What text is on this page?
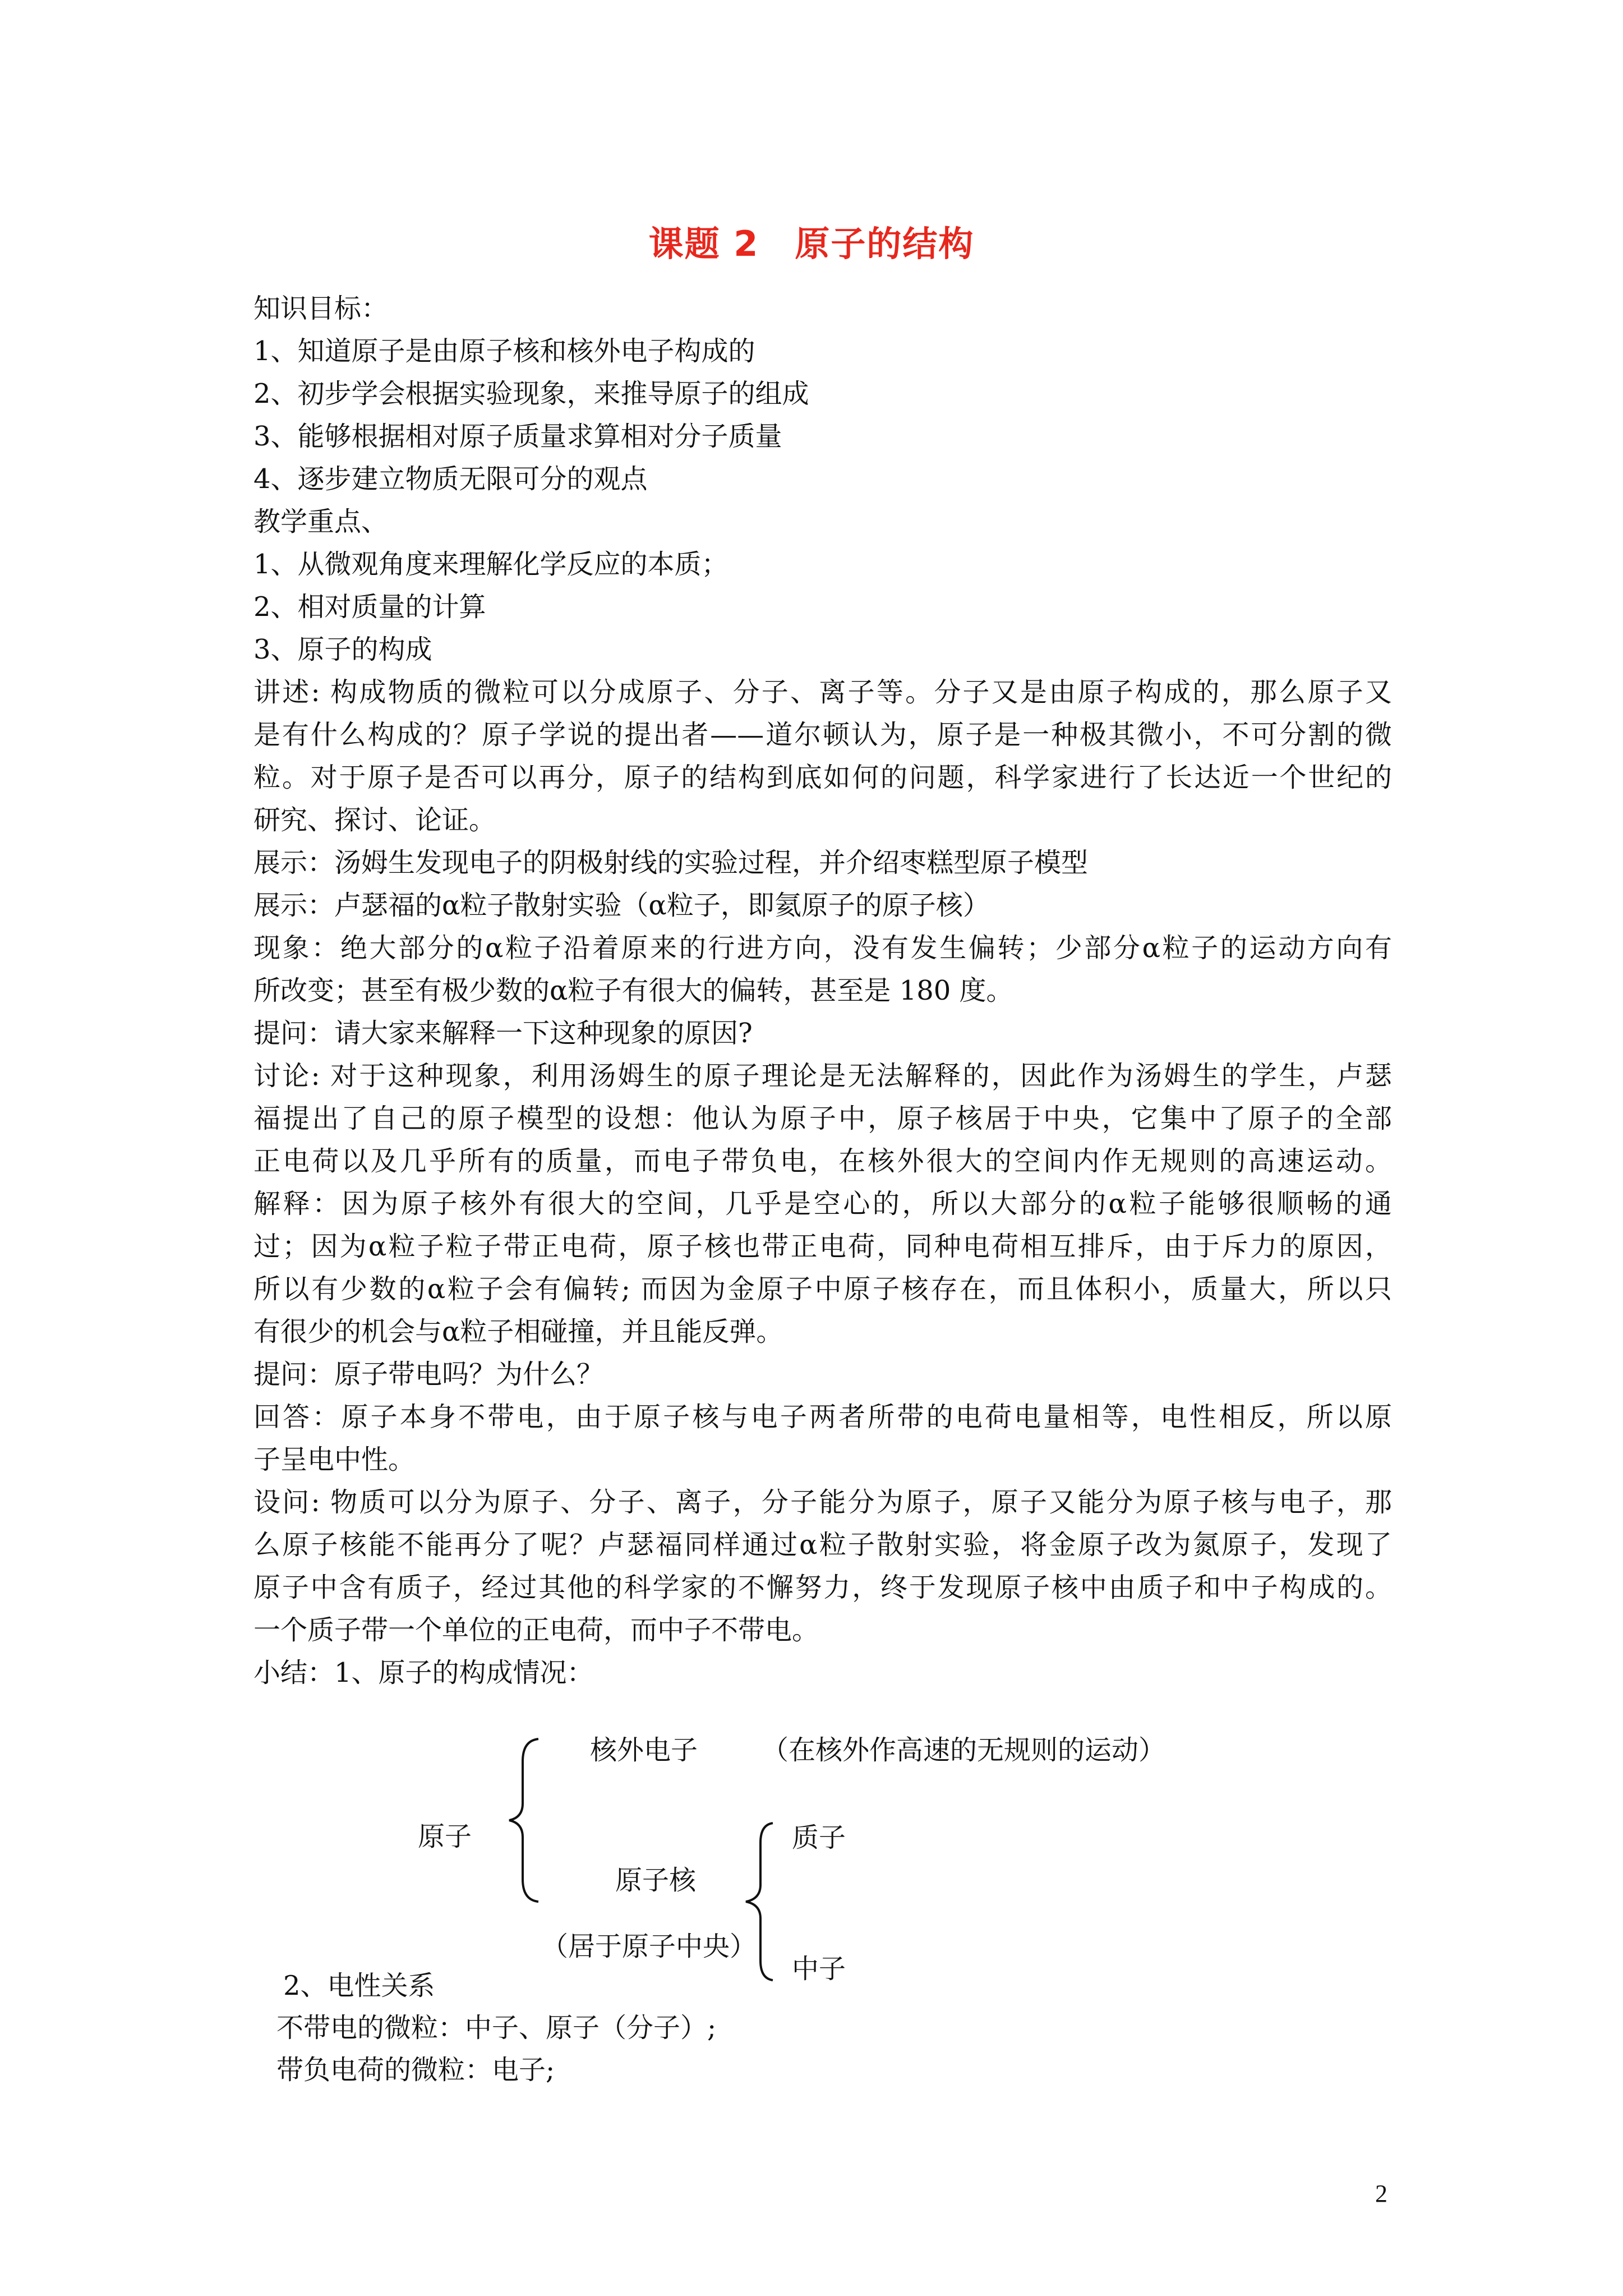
课题 2　原子的结构
知识目标：
1、知道原子是由原子核和核外电子构成的
2、初步学会根据实验现象，来推导原子的组成
3、能够根据相对原子质量求算相对分子质量
4、逐步建立物质无限可分的观点
教学重点、
1、从微观角度来理解化学反应的本质；
2、相对质量的计算
3、原子的构成
讲述: 构成物质的微粒可以分成原子、分子、离子等。分子又是由原子构成的，那么原子又
是有什么构成的？原子学说的提出者——道尔顿认为，原子是一种极其微小，不可分割的微
粒。对于原子是否可以再分，原子的结构到底如何的问题，科学家进行了长达近一个世纪的
研究、探讨、论证。
展示：汤姆生发现电子的阴极射线的实验过程，并介绍枣糕型原子模型
展示：卢瑟福的α粒子散射实验（α粒子，即氦原子的原子核）
现象：绝大部分的α粒子沿着原来的行进方向，没有发生偏转；少部分α粒子的运动方向有
所改变；甚至有极少数的α粒子有很大的偏转，甚至是 180 度。
提问：请大家来解释一下这种现象的原因?
讨论: 对于这种现象，利用汤姆生的原子理论是无法解释的，因此作为汤姆生的学生，卢瑟
福提出了自己的原子模型的设想：他认为原子中，原子核居于中央，它集中了原子的全部
正电荷以及几乎所有的质量，而电子带负电，在核外很大的空间内作无规则的高速运动。
解释：因为原子核外有很大的空间，几乎是空心的，所以大部分的α粒子能够很顺畅的通
过；因为α粒子粒子带正电荷，原子核也带正电荷，同种电荷相互排斥，由于斥力的原因，
所以有少数的α粒子会有偏转; 而因为金原子中原子核存在，而且体积小，质量大，所以只
有很少的机会与α粒子相碰撞，并且能反弹。
提问：原子带电吗？为什么？
回答：原子本身不带电，由于原子核与电子两者所带的电荷电量相等，电性相反，所以原
子呈电中性。
设问: 物质可以分为原子、分子、离子，分子能分为原子，原子又能分为原子核与电子，那
么原子核能不能再分了呢？卢瑟福同样通过α粒子散射实验，将金原子改为氮原子，发现了
原子中含有质子，经过其他的科学家的不懈努力，终于发现原子核中由质子和中子构成的。
一个质子带一个单位的正电荷，而中子不带电。
小结：1、原子的构成情况：
原子
核外电子 （在核外作高速的无规则的运动）
原子核
（居于原子中央）
质子
中子
2、电性关系
不带电的微粒：中子、原子（分子）;
带负电荷的微粒：电子;
2
